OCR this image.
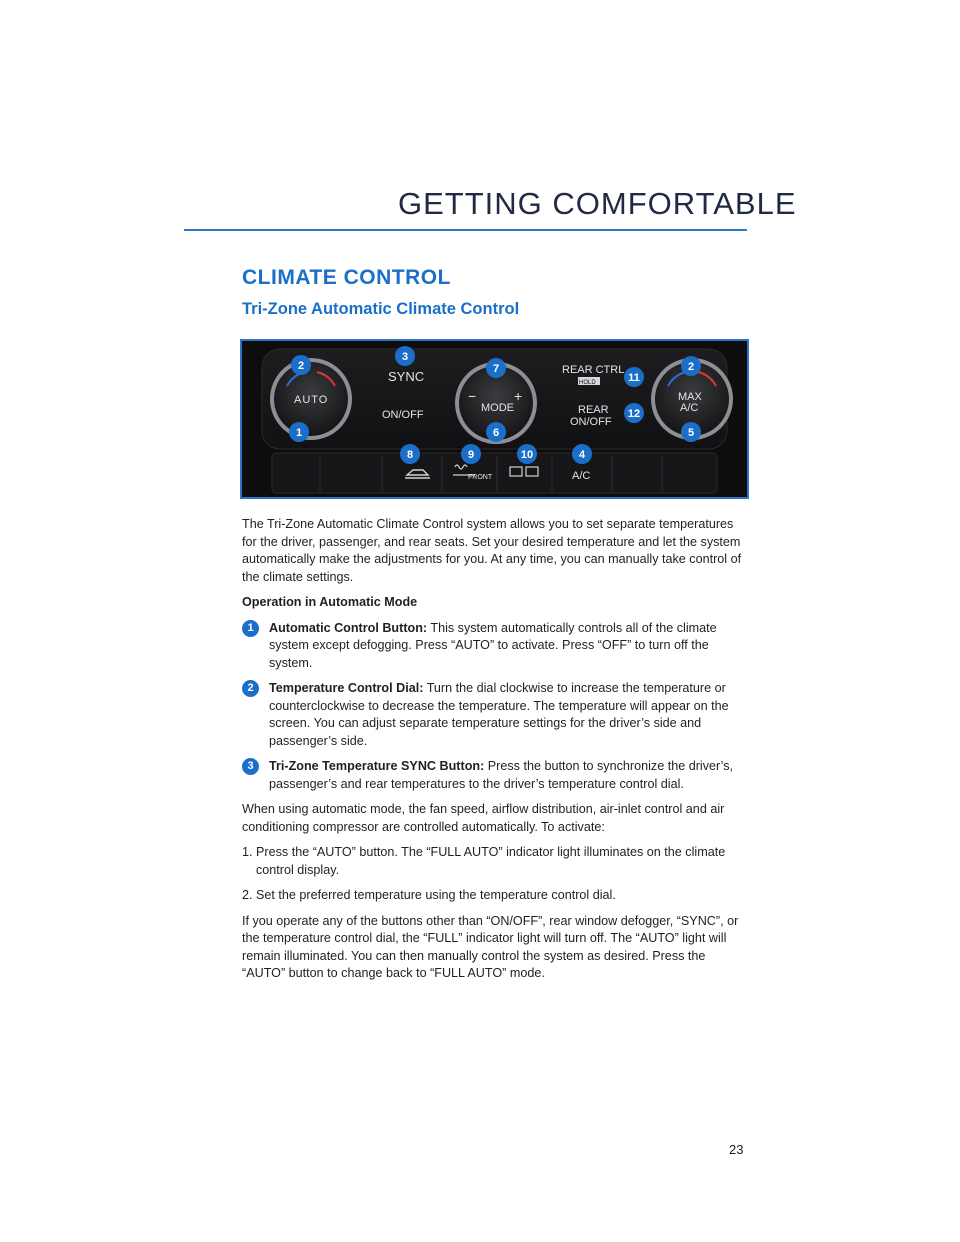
GETTING COMFORTABLE
CLIMATE CONTROL
Tri-Zone Automatic Climate Control
AUTO
SYNC
ON/OFF
MODE
−	+
REAR CTRL
REAR
ON/OFF
MAX
A/C
FRONT	A/C
HOLD
2
3
7
11
2
1	6
12
5
8	9	10	4

The Tri-Zone Automatic Climate Control system allows you to set separate temperatures for the driver, passenger, and rear seats. Set your desired temperature and let the system automatically make the adjustments for you. At any time, you can manually take control of the climate settings.

Operation in Automatic Mode

1	Automatic Control Button: This system automatically controls all of the climate system except defogging. Press “AUTO” to activate. Press “OFF” to turn off the system.
2	Temperature Control Dial: Turn the dial clockwise to increase the temperature or counterclockwise to decrease the temperature. The temperature will appear on the screen. You can adjust separate temperature settings for the driver’s side and passenger’s side.
3	Tri-Zone Temperature SYNC Button: Press the button to synchronize the driver’s, passenger’s and rear temperatures to the driver’s temperature control dial.

When using automatic mode, the fan speed, airflow distribution, air-inlet control and air conditioning compressor are controlled automatically. To activate:

1. Press the “AUTO” button. The “FULL AUTO” indicator light illuminates on the climate control display.
2. Set the preferred temperature using the temperature control dial.

If you operate any of the buttons other than “ON/OFF”, rear window defogger, “SYNC”, or the temperature control dial, the “FULL” indicator light will turn off. The “AUTO” light will remain illuminated. You can then manually control the system as desired. Press the “AUTO” button to change back to “FULL AUTO” mode.

23
